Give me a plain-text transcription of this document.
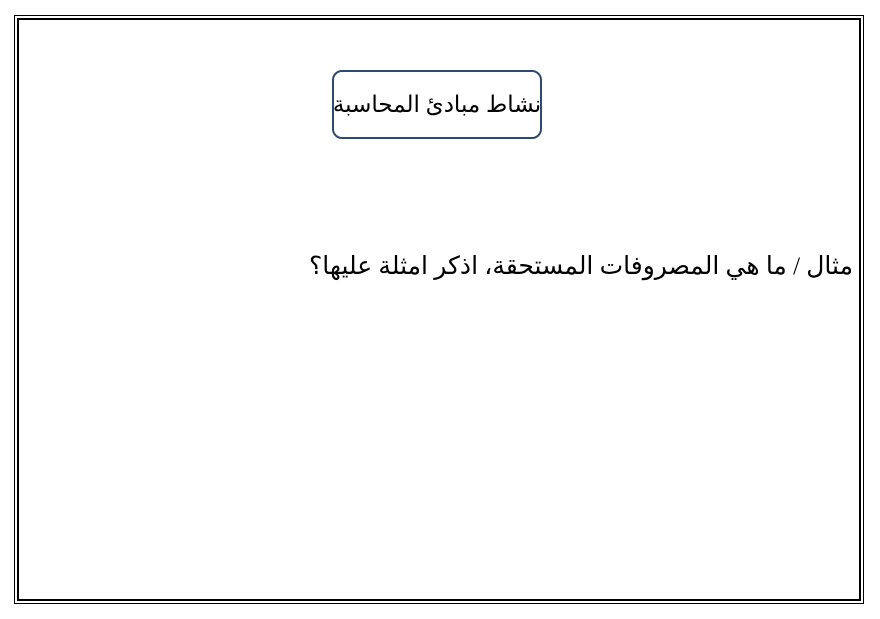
نشاط مبادئ المحاسبة

مثال / ما هي المصروفات المستحقة، اذكر امثلة عليها؟
